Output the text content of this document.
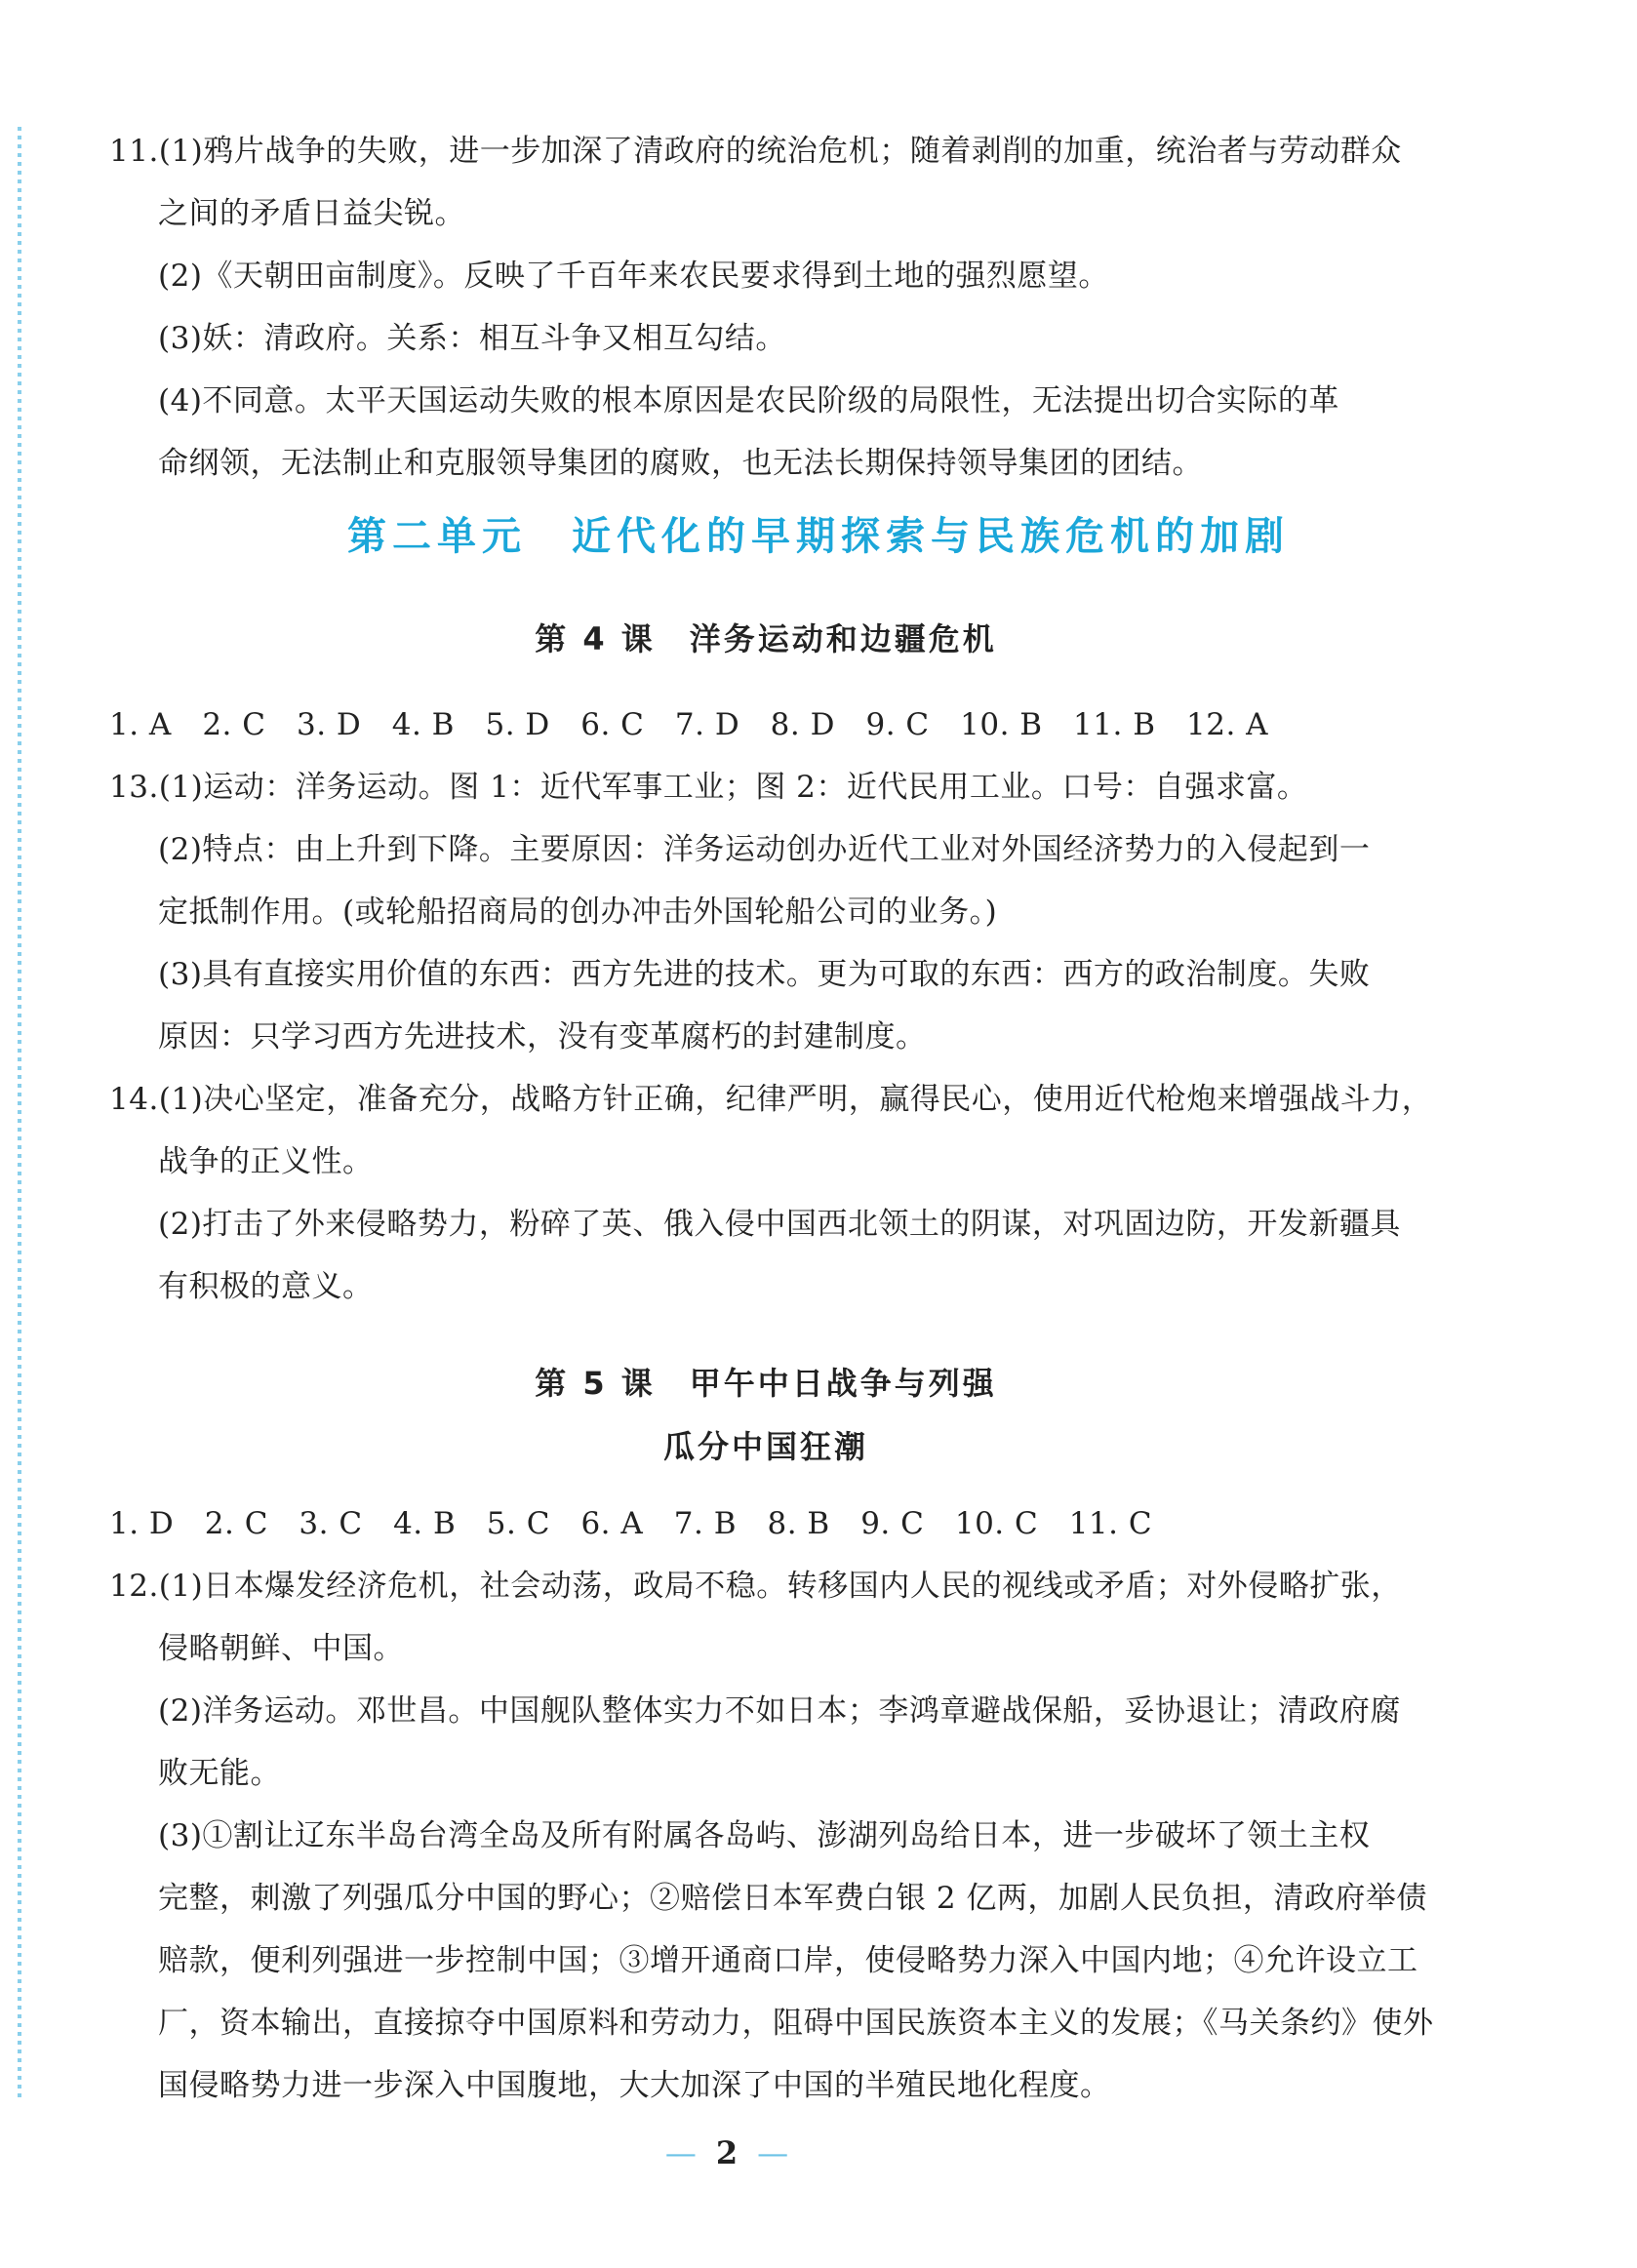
11.(1)鸦片战争的失败，进一步加深了清政府的统治危机；随着剥削的加重，统治者与劳动群众
之间的矛盾日益尖锐。
(2)《天朝田亩制度》。反映了千百年来农民要求得到土地的强烈愿望。
(3)妖：清政府。关系：相互斗争又相互勾结。
(4)不同意。太平天国运动失败的根本原因是农民阶级的局限性，无法提出切合实际的革
命纲领，无法制止和克服领导集团的腐败，也无法长期保持领导集团的团结。
第二单元　近代化的早期探索与民族危机的加剧
第 4 课　洋务运动和边疆危机
1. A　2. C　3. D　4. B　5. D　6. C　7. D　8. D　9. C　10. B　11. B　12. A
13.(1)运动：洋务运动。图 1：近代军事工业；图 2：近代民用工业。口号：自强求富。
(2)特点：由上升到下降。主要原因：洋务运动创办近代工业对外国经济势力的入侵起到一
定抵制作用。(或轮船招商局的创办冲击外国轮船公司的业务。)
(3)具有直接实用价值的东西：西方先进的技术。更为可取的东西：西方的政治制度。失败
原因：只学习西方先进技术，没有变革腐朽的封建制度。
14.(1)决心坚定，准备充分，战略方针正确，纪律严明，赢得民心，使用近代枪炮来增强战斗力，
战争的正义性。
(2)打击了外来侵略势力，粉碎了英、俄入侵中国西北领土的阴谋，对巩固边防，开发新疆具
有积极的意义。
第 5 课　甲午中日战争与列强
瓜分中国狂潮
1. D　2. C　3. C　4. B　5. C　6. A　7. B　8. B　9. C　10. C　11. C
12.(1)日本爆发经济危机，社会动荡，政局不稳。转移国内人民的视线或矛盾；对外侵略扩张，
侵略朝鲜、中国。
(2)洋务运动。邓世昌。中国舰队整体实力不如日本；李鸿章避战保船，妥协退让；清政府腐
败无能。
(3)①割让辽东半岛台湾全岛及所有附属各岛屿、澎湖列岛给日本，进一步破坏了领土主权
完整，刺激了列强瓜分中国的野心；②赔偿日本军费白银 2 亿两，加剧人民负担，清政府举债
赔款，便利列强进一步控制中国；③增开通商口岸，使侵略势力深入中国内地；④允许设立工
厂，资本输出，直接掠夺中国原料和劳动力，阻碍中国民族资本主义的发展；《马关条约》使外
国侵略势力进一步深入中国腹地，大大加深了中国的半殖民地化程度。
— 2 —
